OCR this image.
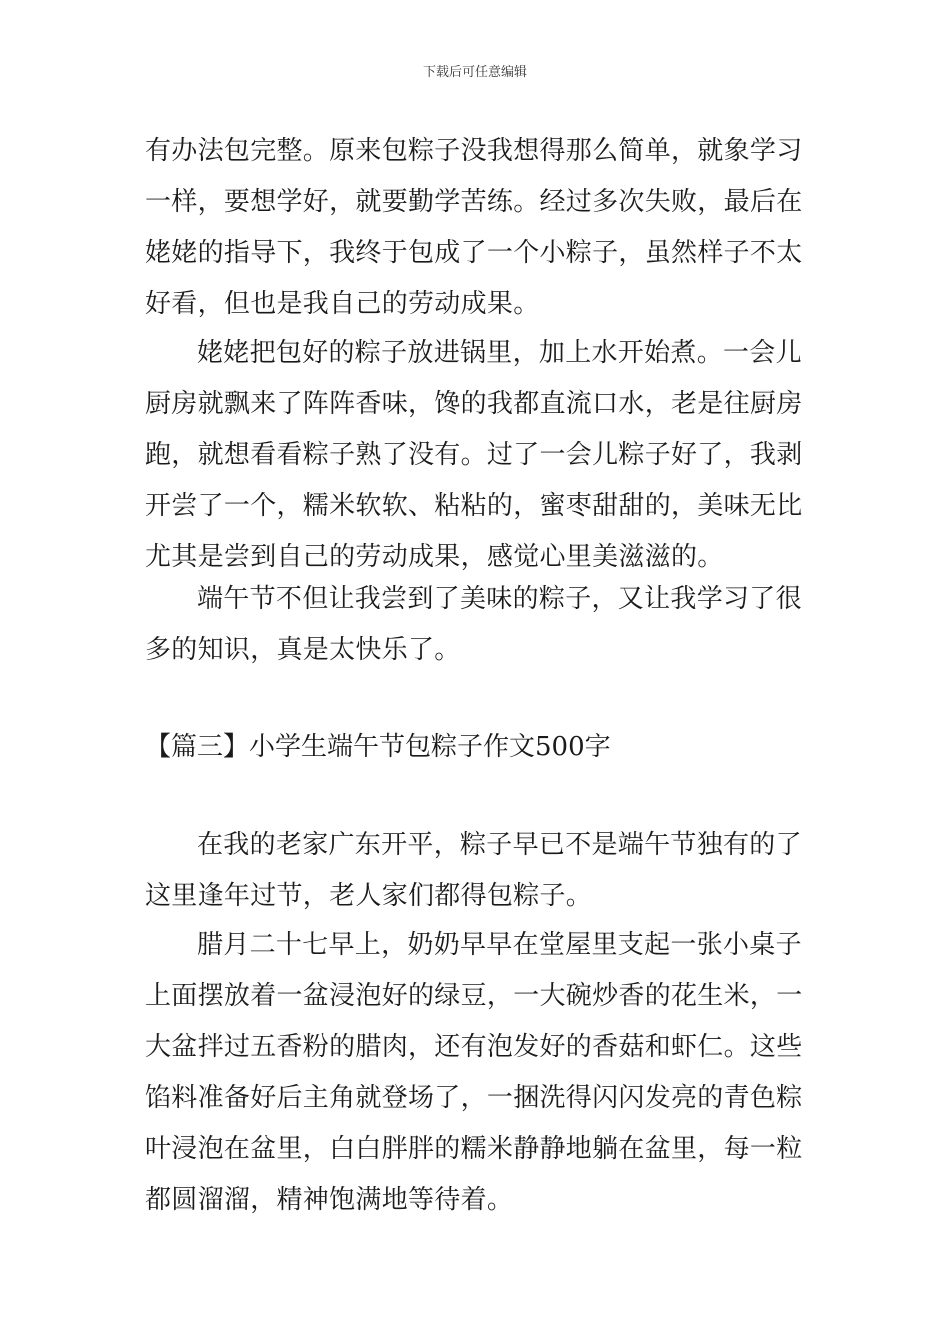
下载后可任意编辑

有办法包完整。原来包粽子没我想得那么简单，就象学习
一样，要想学好，就要勤学苦练。经过多次失败，最后在
姥姥的指导下，我终于包成了一个小粽子，虽然样子不太
好看，但也是我自己的劳动成果。

姥姥把包好的粽子放进锅里，加上水开始煮。一会儿
厨房就飘来了阵阵香味，馋的我都直流口水，老是往厨房
跑，就想看看粽子熟了没有。过了一会儿粽子好了，我剥
开尝了一个，糯米软软、粘粘的，蜜枣甜甜的，美味无比
尤其是尝到自己的劳动成果，感觉心里美滋滋的。

端午节不但让我尝到了美味的粽子，又让我学习了很
多的知识，真是太快乐了。

【篇三】小学生端午节包粽子作文500字

在我的老家广东开平，粽子早已不是端午节独有的了
这里逢年过节，老人家们都得包粽子。

腊月二十七早上，奶奶早早在堂屋里支起一张小桌子
上面摆放着一盆浸泡好的绿豆，一大碗炒香的花生米，一
大盆拌过五香粉的腊肉，还有泡发好的香菇和虾仁。这些
馅料准备好后主角就登场了，一捆洗得闪闪发亮的青色粽
叶浸泡在盆里，白白胖胖的糯米静静地躺在盆里，每一粒
都圆溜溜，精神饱满地等待着。
